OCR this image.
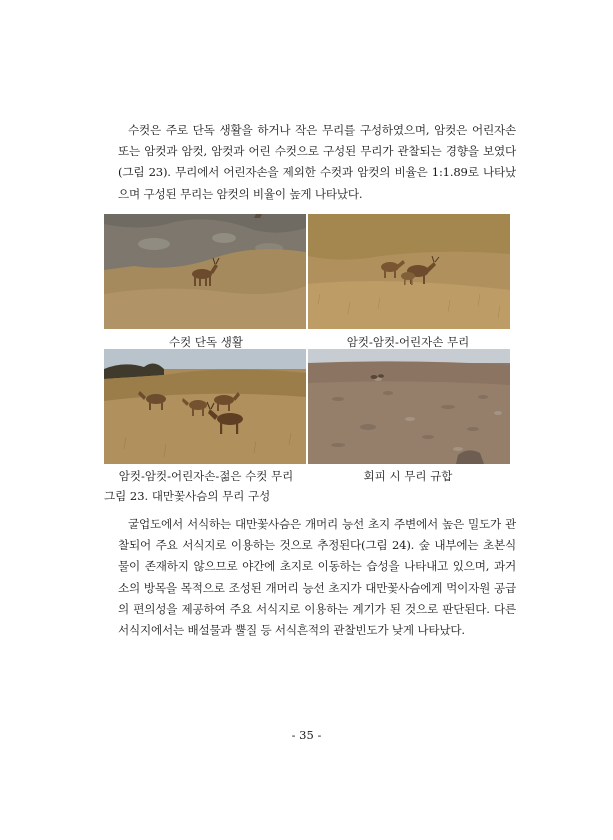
수컷은 주로 단독 생활을 하거나 작은 무리를 구성하였으며, 암컷은 어린자손 또는 암컷과 암컷, 암컷과 어린 수컷으로 구성된 무리가 관찰되는 경향을 보였다(그림 23). 무리에서 어린자손을 제외한 수컷과 암컷의 비율은 1:1.89로 나타났으며 구성된 무리는 암컷의 비율이 높게 나타났다.

수컷 단독 생활	암컷-암컷-어린자손 무리

암컷-암컷-어린자손-젊은 수컷 무리	회피 시 무리 규합

그림 23. 대만꽃사슴의 무리 구성

굴업도에서 서식하는 대만꽃사슴은 개머리 능선 초지 주변에서 높은 밀도가 관찰되어 주요 서식지로 이용하는 것으로 추정된다(그림 24). 숲 내부에는 초본식물이 존재하지 않으므로 야간에 초지로 이동하는 습성을 나타내고 있으며, 과거 소의 방목을 목적으로 조성된 개머리 능선 초지가 대만꽃사슴에게 먹이자원 공급의 편의성을 제공하여 주요 서식지로 이용하는 계기가 된 것으로 판단된다. 다른 서식지에서는 배설물과 뿔질 등 서식흔적의 관찰빈도가 낮게 나타났다.

- 35 -
